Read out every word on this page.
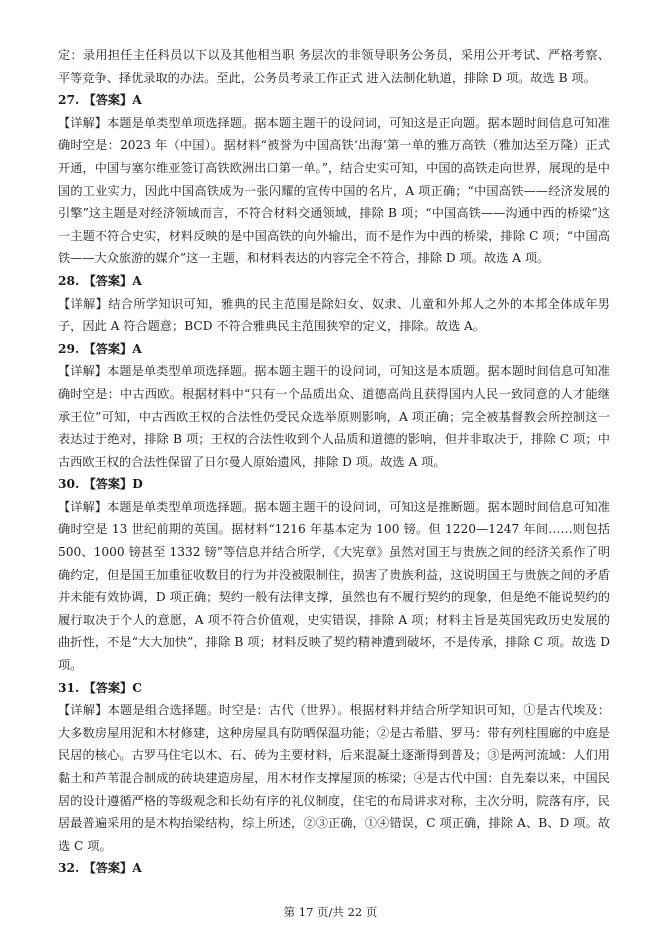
定：录用担任主任科员以下以及其他相当职 务层次的非领导职务公务员，采用公开考试、严格考察、平等竞争、择优录取的办法。至此，公务员考录工作正式 进入法制化轨道，排除 D 项。故选 B 项。

27. 【答案】A

【详解】本题是单类型单项选择题。据本题主题干的设问词，可知这是正向题。据本题时间信息可知准确时空是：2023 年（中国）。据材料“被誉为中国高铁‘出海’第一单的雅万高铁（雅加达至万隆）正式开通，中国与塞尔维亚签订高铁欧洲出口第一单。”，结合史实可知，中国的高铁走向世界，展现的是中国的工业实力，因此中国高铁成为一张闪耀的宣传中国的名片，A 项正确；“中国高铁——经济发展的引擎”这主题是对经济领域而言，不符合材料交通领域，排除 B 项；“中国高铁——沟通中西的桥梁”这一主题不符合史实，材料反映的是中国高铁的向外输出，而不是作为中西的桥梁，排除 C 项；“中国高铁——大众旅游的媒介”这一主题，和材料表达的内容完全不符合，排除 D 项。故选 A 项。

28. 【答案】A

【详解】结合所学知识可知，雅典的民主范围是除妇女、奴隶、儿童和外邦人之外的本邦全体成年男子，因此 A 符合题意；BCD 不符合雅典民主范围狭窄的定义，排除。故选 A。

29. 【答案】A

【详解】本题是单类型单项选择题。据本题主题干的设问词，可知这是本质题。据本题时间信息可知准确时空是：中古西欧。根据材料中“只有一个品质出众、道德高尚且获得国内人民一致同意的人才能继承王位”可知，中古西欧王权的合法性仍受民众选举原则影响，A 项正确；完全被基督教会所控制这一表达过于绝对，排除 B 项；王权的合法性收到个人品质和道德的影响，但并非取决于，排除 C 项；中古西欧王权的合法性保留了日尔曼人原始遗风，排除 D 项。故选 A 项。

30. 【答案】D

【详解】本题是单类型单项选择题。据本题主题干的设问词，可知这是推断题。据本题时间信息可知准确时空是 13 世纪前期的英国。据材料“1216 年基本定为 100 镑。但 1220—1247 年间……则包括 500、1000 镑甚至 1332 镑”等信息并结合所学，《大宪章》虽然对国王与贵族之间的经济关系作了明确约定，但是国王加重征收数目的行为并没被限制住，损害了贵族利益，这说明国王与贵族之间的矛盾并未能有效协调，D 项正确；契约一般有法律支撑，虽然也有不履行契约的现象，但是绝不能说契约的履行取决于个人的意愿，A 项不符合价值观，史实错误，排除 A 项；材料主旨是英国宪政历史发展的曲折性，不是“大大加快”，排除 B 项；材料反映了契约精神遭到破坏，不是传承，排除 C 项。故选 D 项。

31. 【答案】C

【详解】本题是组合选择题。时空是：古代（世界）。根据材料并结合所学知识可知，①是古代埃及：大多数房屋用泥和木材修建，这种房屋具有防晒保温功能；②是古希腊、罗马：带有列柱围廊的中庭是民居的核心。古罗马住宅以木、石、砖为主要材料，后来混凝土逐渐得到普及；③是两河流域：人们用黏土和芦苇混合制成的砖块建造房屋，用木材作支撑屋顶的栋梁；④是古代中国：自先秦以来，中国民居的设计遵循严格的等级观念和长幼有序的礼仪制度，住宅的布局讲求对称，主次分明，院落有序，民居最普遍采用的是木构抬梁结构，综上所述，②③正确，①④错误，C 项正确，排除 A、B、D 项。故选 C 项。

32. 【答案】A

第 17 页/共 22 页
